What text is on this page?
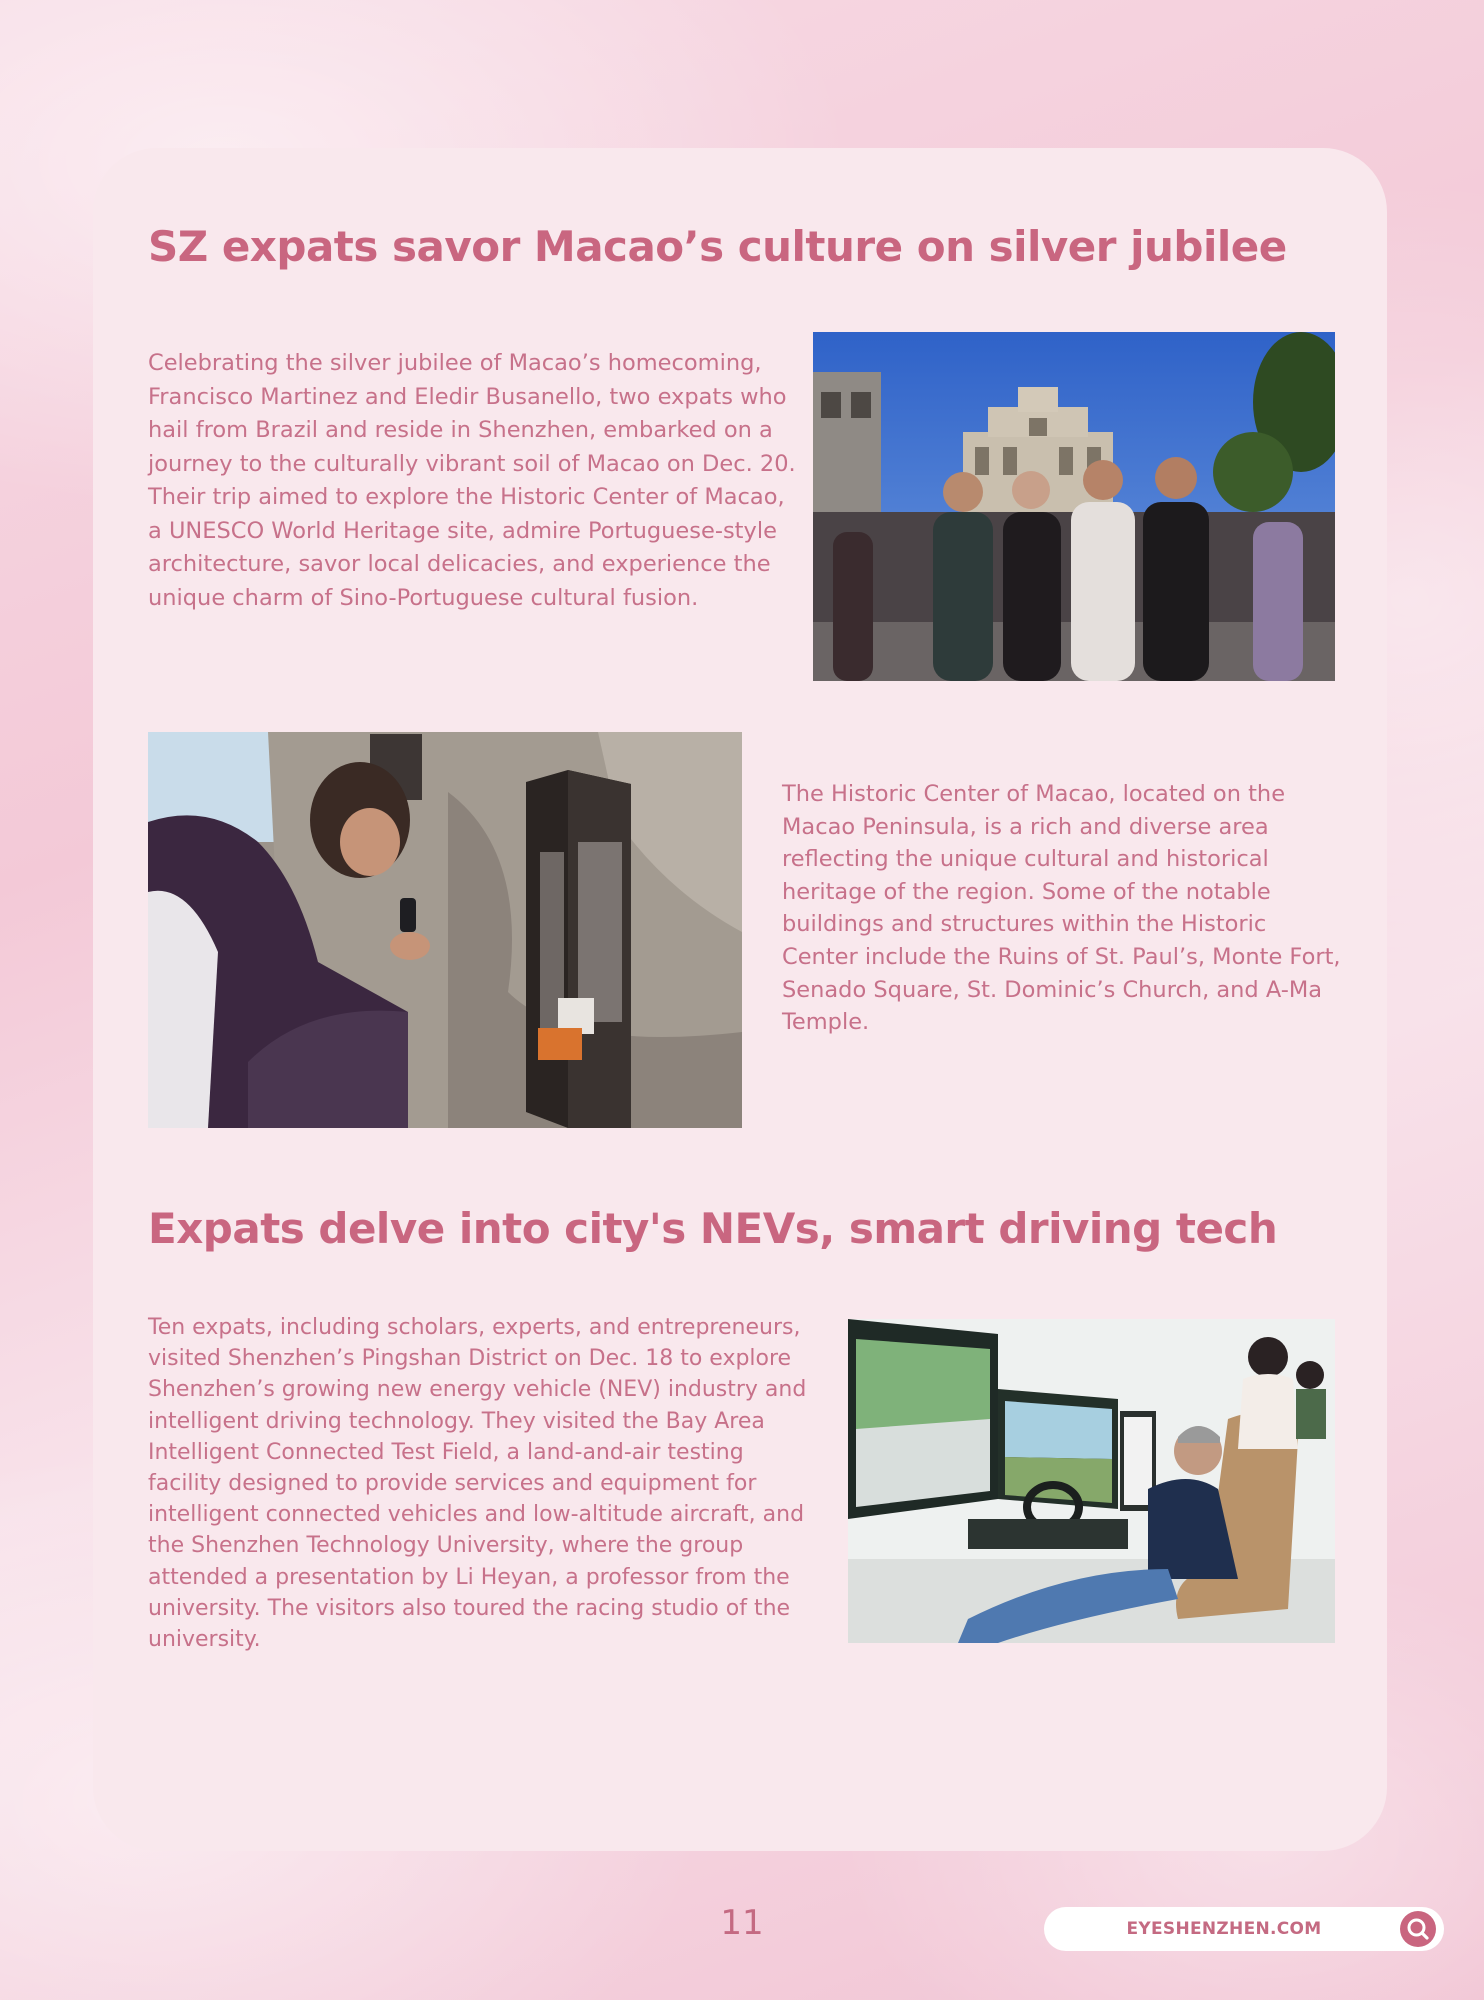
SZ expats savor Macao’s culture on silver jubilee

Celebrating the silver jubilee of Macao’s homecoming, Francisco Martinez and Eledir Busanello, two expats who hail from Brazil and reside in Shenzhen, embarked on a journey to the culturally vibrant soil of Macao on Dec. 20. Their trip aimed to explore the Historic Center of Macao, a UNESCO World Heritage site, admire Portuguese-style architecture, savor local delicacies, and experience the unique charm of Sino-Portuguese cultural fusion.

The Historic Center of Macao, located on the Macao Peninsula, is a rich and diverse area reflecting the unique cultural and historical heritage of the region. Some of the notable buildings and structures within the Historic Center include the Ruins of St. Paul’s, Monte Fort, Senado Square, St. Dominic’s Church, and A-Ma Temple.

Expats delve into city's NEVs, smart driving tech

Ten expats, including scholars, experts, and entrepreneurs, visited Shenzhen’s Pingshan District on Dec. 18 to explore Shenzhen’s growing new energy vehicle (NEV) industry and intelligent driving technology. They visited the Bay Area Intelligent Connected Test Field, a land-and-air testing facility designed to provide services and equipment for intelligent connected vehicles and low-altitude aircraft, and the Shenzhen Technology University, where the group attended a presentation by Li Heyan, a professor from the university. The visitors also toured the racing studio of the university.

11	EYESHENZHEN.COM
